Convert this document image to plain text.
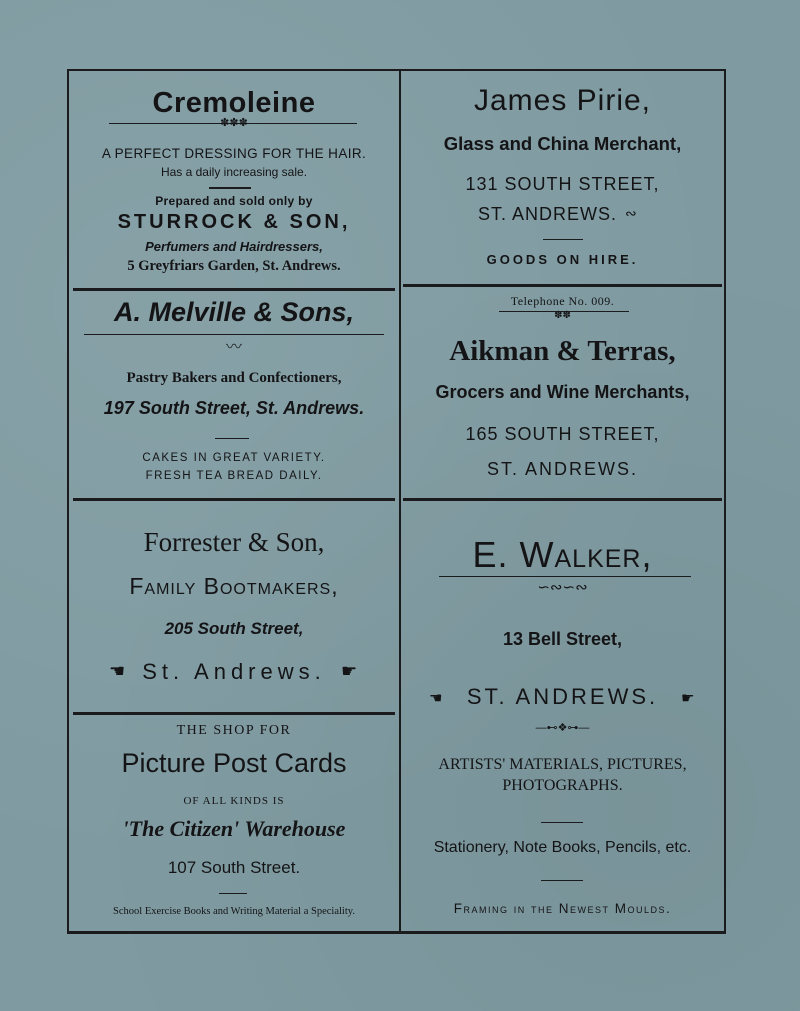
Cremoleine
✽✽✽
A PERFECT DRESSING FOR THE HAIR.
Has a daily increasing sale.
Prepared and sold only by
STURROCK & SON,
Perfumers and Hairdressers,
5 Greyfriars Garden, St. Andrews.
James Pirie,
Glass and China Merchant,
131 SOUTH STREET,
ST. ANDREWS. ∾
GOODS ON HIRE.
A. Melville & Sons,
〰
Pastry Bakers and Confectioners,
197 South Street, St. Andrews.
CAKES IN GREAT VARIETY.
FRESH TEA BREAD DAILY.
Telephone No. 009.
✽✽
Aikman & Terras,
Grocers and Wine Merchants,
165 SOUTH STREET,
ST. ANDREWS.
Forrester & Son,
Family Bootmakers,
205 South Street,
☚ St. Andrews. ☛
E. Walker,
∽∾∽∾
13 Bell Street,
☚	ST. ANDREWS.	☛
—⊷❖⊶—
ARTISTS' MATERIALS, PICTURES,
PHOTOGRAPHS.
Stationery, Note Books, Pencils, etc.
Framing in the Newest Moulds.
THE SHOP FOR
Picture Post Cards
OF ALL KINDS IS
'The Citizen' Warehouse
107 South Street.
School Exercise Books and Writing Material a Speciality.
